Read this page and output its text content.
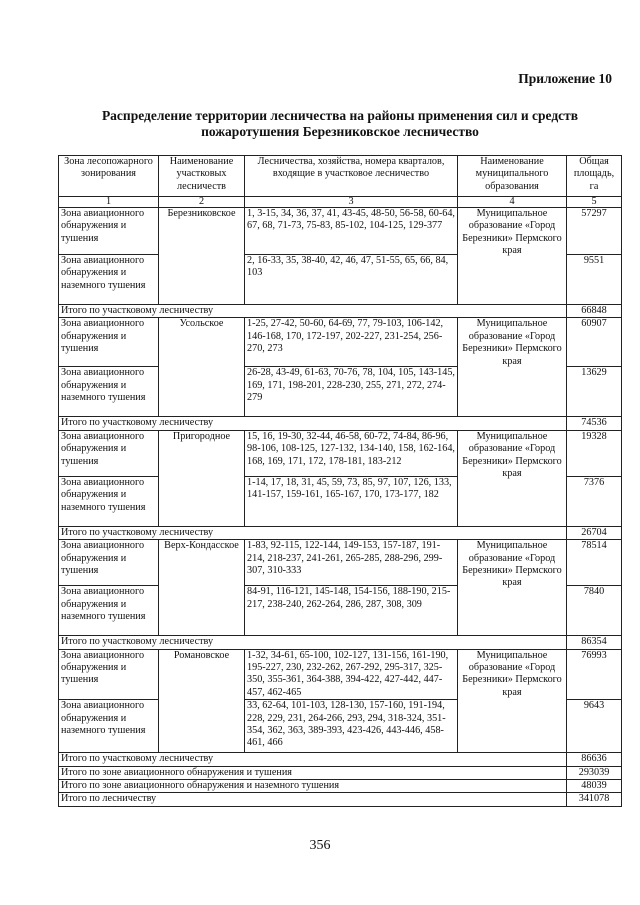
Приложение 10
Распределение территории лесничества на районы применения сил и средств
пожаротушения Березниковское лесничество
Зона лесопожарного зонирования	Наименование участковых лесничеств	Лесничества, хозяйства, номера кварталов, входящие в участковое лесничество	Наименование муниципального образования	Общая площадь, га
1	2	3	4	5
Зона авиационного обнаружения и тушения	Березниковское	1, 3-15, 34, 36, 37, 41, 43-45, 48-50, 56-58, 60-64, 67, 68, 71-73, 75-83, 85-102, 104-125, 129-377	Муниципальное образование «Город Березники» Пермского края	57297
Зона авиационного обнаружения и наземного тушения		2, 16-33, 35, 38-40, 42, 46, 47, 51-55, 65, 66, 84, 103		9551
Итого по участковому лесничеству				66848
Зона авиационного обнаружения и тушения	Усольское	1-25, 27-42, 50-60, 64-69, 77, 79-103, 106-142, 146-168, 170, 172-197, 202-227, 231-254, 256-270, 273	Муниципальное образование «Город Березники» Пермского края	60907
Зона авиационного обнаружения и наземного тушения		26-28, 43-49, 61-63, 70-76, 78, 104, 105, 143-145, 169, 171, 198-201, 228-230, 255, 271, 272, 274-279		13629
Итого по участковому лесничеству				74536
Зона авиационного обнаружения и тушения	Пригородное	15, 16, 19-30, 32-44, 46-58, 60-72, 74-84, 86-96, 98-106, 108-125, 127-132, 134-140, 158, 162-164, 168, 169, 171, 172, 178-181, 183-212	Муниципальное образование «Город Березники» Пермского края	19328
Зона авиационного обнаружения и наземного тушения		1-14, 17, 18, 31, 45, 59, 73, 85, 97, 107, 126, 133, 141-157, 159-161, 165-167, 170, 173-177, 182		7376
Итого по участковому лесничеству				26704
Зона авиационного обнаружения и тушения	Верх-Кондасское	1-83, 92-115, 122-144, 149-153, 157-187, 191-214, 218-237, 241-261, 265-285, 288-296, 299-307, 310-333	Муниципальное образование «Город Березники» Пермского края	78514
Зона авиационного обнаружения и наземного тушения		84-91, 116-121, 145-148, 154-156, 188-190, 215-217, 238-240, 262-264, 286, 287, 308, 309		7840
Итого по участковому лесничеству				86354
Зона авиационного обнаружения и тушения	Романовское	1-32, 34-61, 65-100, 102-127, 131-156, 161-190, 195-227, 230, 232-262, 267-292, 295-317, 325-350, 355-361, 364-388, 394-422, 427-442, 447-457, 462-465	Муниципальное образование «Город Березники» Пермского края	76993
Зона авиационного обнаружения и наземного тушения		33, 62-64, 101-103, 128-130, 157-160, 191-194, 228, 229, 231, 264-266, 293, 294, 318-324, 351-354, 362, 363, 389-393, 423-426, 443-446, 458-461, 466		9643
Итого по участковому лесничеству				86636
Итого по зоне авиационного обнаружения и тушения				293039
Итого по зоне авиационного обнаружения и наземного тушения				48039
Итого по лесничеству				341078
356
